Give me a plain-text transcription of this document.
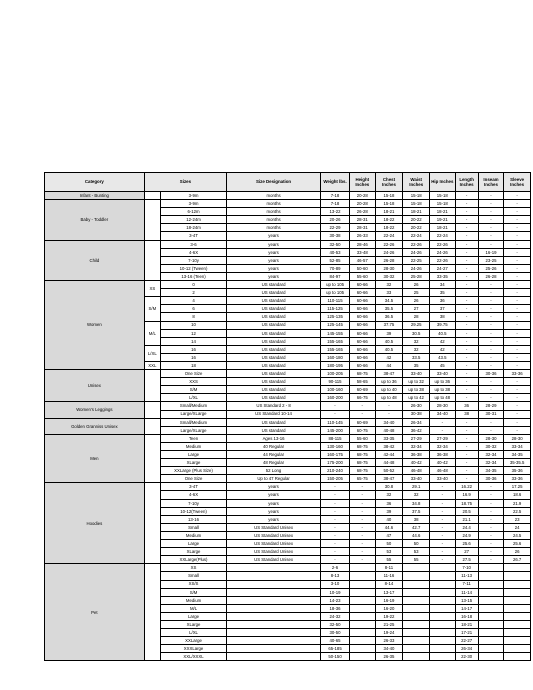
Category	Sizes		Size Designation	Weight lbs.	Height Inches	Chest Inches	Waist Inches	Hip Inches	Length Inches	Inseam Inches	Sleeve Inches
Infant - Bunting		3-9m	months	7-18	20-28	15-18	15-18	15-18	-	-	-
Baby - Toddler		3-9m	months	7-18	20-28	15-18	15-18	15-18	-	-	-
		6-12m	months	13-22	26-28	18-21	18-21	18-21	-	-	-
		12-24m	months	20-26	28-31	18-22	20-22	19-21	-	-	-
		18-24m	months	22-29	28-31	18-22	20-22	18-21	-	-	-
		3-4T	years	30-38	26-33	22-24	22-24	22-24	-	-	-
Child		3-6	years	32-50	28-46	22-26	22-26	22-26	-	-	-
		4-6X	years	40-53	33-48	24-26	24-26	24-26	-	16-19	-
		7-10y	years	52-85	46-57	26-28	22-25	22-26	-	23-25	-
		10-12 (Tween)	years	70-89	50-60	28-30	24-26	24-27	-	25-26	-
		13-16 (Teen)	years	84-97	55-60	30-32	25-28	33-35	-	26-28	-
Women	XS	0	US standard	up to 105	60-66	32	26	34	-	-	-
		2	US standard	up to 105	60-66	33	25	35	-	-	-
	S/M	4	US standard	110-115	60-66	34.5	26	36	-	-	-
		6	US standard	115-125	60-66	35.5	27	37	-	-	-
		8	US standard	125-135	60-66	36.5	28	38	-	-	-
	M/L	10	US standard	125-145	60-66	37.75	29.25	39.75	-	-	-
		12	US standard	145-155	60-66	39	30.5	40.5	-	-	-
		14	US standard	155-165	60-66	40.5	32	42	-	-	-
	L/XL	16	US standard	155-165	60-66	40.5	32	42	-	-	-
		16	US standard	160-180	60-66	42	33.5	43.5	-	-	-
	XXL	18	US standard	180-195	60-66	44	35	45	-	-	-
Unisex		One Size	US standard	100-205	68-75	38-47	33-40	33-40	-	30-36	33-36
		XXS	US standard	90-115	58-65	up to 36	up to 32	up to 36	-	-	-
		S/M	US standard	100-160	60-69	up to 40	up to 38	up to 38	-	-	-
		L/XL	US standard	160-200	66-75	up to 48	up to 42	up to 48	-	-	-
Women's Leggings		Small/Medium	US Standard 2 - 8	-	-	-	26-30	28-30	36	28-29	-
		Large/XLarge	US Standard 10-14	-	-	-	30-38	34-40	38	30-31	-
Golden Granniss Unisex		Small/Medium	US standard	110-145	60-69	34-40	26-34	-	-	-	-
		Large/XLarge	US standard	145-200	60-75	40-48	36-42	-	-	-	-
Men		Teen	Ages 13-16	88-115	55-60	33-35	27-29	27-29	-	28-30	28-30
		Medium	40 Regular	130-160	68-75	38-42	32-34	32-34	-	30-32	33-34
		Large	44 Regular	160-175	68-75	42-44	36-38	36-38	-	32-34	34-35
		XLarge	48 Regular	175-200	68-75	44-48	40-42	40-42	-	32-34	35-35.5
		XXLarge (Plus Size)	52 Long	210-240	68-75	50-52	46-48	46-48	-	34-35	35-36
		One Size	Up to 47 Regular	150-205	65-75	38-47	33-40	33-40	-	30-36	33-36
Hoodies		3-4T	years	-	-	30.8	29.1	-	16.22	-	17.25
		4-6X	years	-	-	32	32	-	16.9	-	18.6
		7-10y	years	-	-	36	34.8	-	18.75	-	21.9
		10-12(Tween)	years	-	-	39	37.5	-	20.5	-	22.5
		13-16	years	-	-	40	38	-	21.1	-	23
		Small	US Standard Unisex	-	-	44.6	42.7	-	24.4	-	24
		Medium	US Standard Unisex	-	-	47	44.6	-	24.9	-	24.5
		Large	US Standard Unisex	-	-	50	50	-	25.6	-	25.6
		XLarge	US Standard Unisex	-	-	53	53	-	27	-	26
		XXLarge(Plus)	US Standard Unisex	-	-	55	55	-	27.5	-	26.7
Pet		XS		2-6		8-11			7-10		
		Small		8-13		11-16			11-13		
		XS/S		3-10		8-14			7-11		
		S/M		10-19		13-17			11-14		
		Medium		14-23		16-19			13-15		
		M/L		18-36		16-20			14-17		
		Large		24-32		19-22			16-18		
		XLarge		32-50		21-25			18-21		
		L/XL		30-50		19-24			17-21		
		XXLarge		40-65		26-33			22-27		
		XXXLarge		65-185		34-40			26-34		
		XXL/XXXL		50-150		26-35			22-30		
